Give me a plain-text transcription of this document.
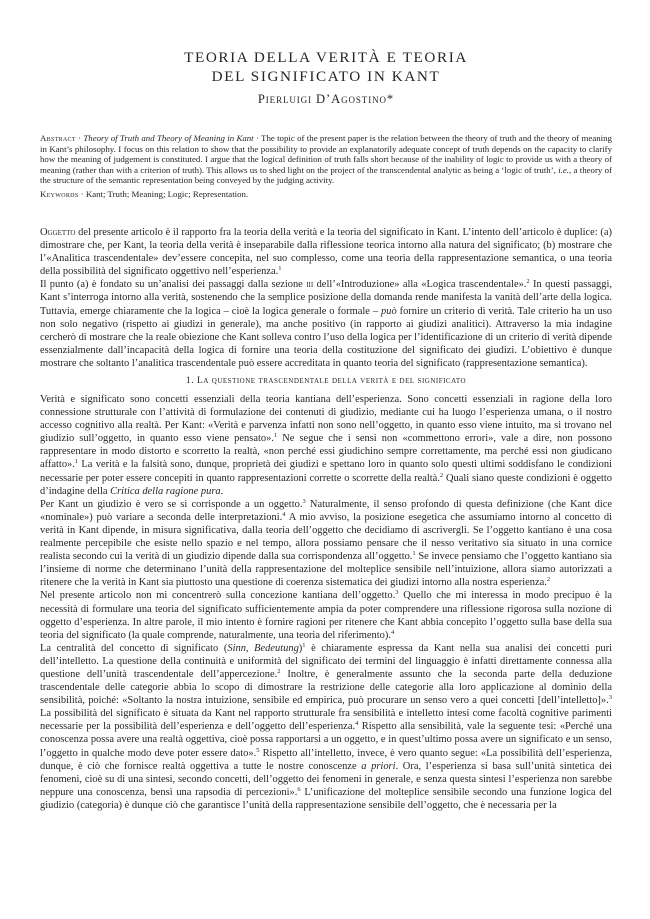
TEORIA DELLA VERITÀ E TEORIA
DEL SIGNIFICATO IN KANT
Pierluigi D’Agostino*
Abstract · Theory of Truth and Theory of Meaning in Kant · The topic of the present paper is the relation between the theory of truth and the theory of meaning in Kant’s philosophy. I focus on this relation to show that the possibility to provide an explanatorily adequate concept of truth depends on the capacity to clarify how the meaning of judgement is constituted. I argue that the logical definition of truth falls short because of the inability of logic to provide us with a theory of meaning (rather than with a criterion of truth). This allows us to shed light on the project of the transcendental analytic as being a ‘logic of truth’, i.e., a theory of the structure of the semantic representation being conveyed by the judging activity.
Keywords · Kant; Truth; Meaning; Logic; Representation.

Oggetto del presente articolo è il rapporto fra la teoria della verità e la teoria del significato in Kant. L’intento dell’articolo è duplice: (a) dimostrare che, per Kant, la teoria della verità è inseparabile dalla riflessione teorica intorno alla natura del significato; (b) mostrare che l’«Analitica trascendentale» dev’essere concepita, nel suo complesso, come una teoria della rappresentazione semantica, o una teoria della possibilità del significato oggettivo nell’esperienza.$^1$

Il punto (a) è fondato su un’analisi dei passaggi dalla sezione iii dell’«Introduzione» alla «Logica trascendentale».$^2$ In questi passaggi, Kant s’interroga intorno alla verità, sostenendo che la semplice posizione della domanda rende manifesta la vanità dell’arte della logica. Tuttavia, emerge chiaramente che la logica – cioè la logica generale o formale – può fornire un criterio di verità. Tale criterio ha un uso non solo negativo (rispetto ai giudizi in generale), ma anche positivo (in rapporto ai giudizi analitici). Attraverso la mia indagine cercherò di mostrare che la reale obiezione che Kant solleva contro l’uso della logica per l’identificazione di un criterio di verità dipende essenzialmente dall’incapacità della logica di fornire una teoria della costituzione del significato dei giudizi. L’obiettivo è dunque mostrare che soltanto l’analitica trascendentale può essere accreditata in quanto teoria del significato (rappresentazione semantica).

1. La questione trascendentale della verità e del significato

Verità e significato sono concetti essenziali della teoria kantiana dell’esperienza. Sono concetti essenziali in ragione della loro connessione strutturale con l’attività di formulazione dei contenuti di giudizio, mediante cui ha luogo l’esperienza umana, o il nostro accesso cognitivo alla realtà. Per Kant: «Verità e parvenza infatti non sono nell’oggetto, in quanto esso viene intuito, ma si trovano nel giudizio sull’oggetto, in quanto esso viene pensato».$^1$ Ne segue che i sensi non «commettono errori», vale a dire, non possono rappresentare in modo distorto e scorretto la realtà, «non perché essi giudichino sempre correttamente, ma perché essi non giudicano affatto».$^1$ La verità e la falsità sono, dunque, proprietà dei giudizi e spettano loro in quanto solo questi ultimi soddisfano le condizioni necessarie per poter essere concepiti in quanto rappresentazioni corrette o scorrette della realtà.$^2$ Quali siano queste condizioni è oggetto d’indagine della Critica della ragione pura.

Per Kant un giudizio è vero se si corrisponde a un oggetto.$^3$ Naturalmente, il senso profondo di questa definizione (che Kant dice «nominale») può variare a seconda delle interpretazioni.$^4$ A mio avviso, la posizione esegetica che assumiamo intorno al concetto di verità in Kant dipende, in misura significativa, dalla teoria dell’oggetto che decidiamo di ascrivergli. Se l’oggetto kantiano è una cosa realmente percepibile che esiste nello spazio e nel tempo, allora possiamo pensare che il nesso veritativo sia situato in una cornice realista secondo cui la verità di un giudizio dipende dalla sua corrispondenza all’oggetto.$^1$ Se invece pensiamo che l’oggetto kantiano sia l’insieme di norme che determinano l’unità della rappresentazione del molteplice sensibile nell’intuizione, allora siamo autorizzati a ritenere che la verità in Kant sia piuttosto una questione di coerenza sistematica dei giudizi intorno alla nostra esperienza.$^2$

Nel presente articolo non mi concentrerò sulla concezione kantiana dell’oggetto.$^3$ Quello che mi interessa in modo precipuo è la necessità di formulare una teoria del significato sufficientemente ampia da poter comprendere una riflessione rigorosa sulla nozione di oggetto d’esperienza. In altre parole, il mio intento è fornire ragioni per ritenere che Kant abbia concepito l’oggetto sulla base della sua teoria del significato (la quale comprende, naturalmente, una teoria del riferimento).$^4$

La centralità del concetto di significato (Sinn, Bedeutung)$^1$ è chiaramente espressa da Kant nella sua analisi dei concetti puri dell’intelletto. La questione della continuità e uniformità del significato dei termini del linguaggio è infatti direttamente connessa alla questione dell’unità trascendentale dell’appercezione.$^2$ Inoltre, è generalmente assunto che la seconda parte della deduzione trascendentale delle categorie abbia lo scopo di dimostrare la restrizione delle categorie alla loro applicazione al dominio della sensibilità, poiché: «Soltanto la nostra intuizione, sensibile ed empirica, può procurare un senso vero a quei concetti [dell’intelletto]».$^3$ La possibilità del significato è situata da Kant nel rapporto strutturale fra sensibilità e intelletto intesi come facoltà cognitive parimenti necessarie per la possibilità dell’esperienza e dell’oggetto dell’esperienza.$^4$ Rispetto alla sensibilità, vale la seguente tesi: «Perché una conoscenza possa avere una realtà oggettiva, cioè possa rapportarsi a un oggetto, e in quest’ultimo possa avere un significato e un senso, l’oggetto in qualche modo deve poter essere dato».$^5$ Rispetto all’intelletto, invece, è vero quanto segue: «La possibilità dell’esperienza, dunque, è ciò che fornisce realtà oggettiva a tutte le nostre conoscenze a priori. Ora, l’esperienza si basa sull’unità sintetica dei fenomeni, cioè su di una sintesi, secondo concetti, dell’oggetto dei fenomeni in generale, e senza questa sintesi l’esperienza non sarebbe neppure una conoscenza, bensì una rapsodia di percezioni».$^6$ L’unificazione del molteplice sensibile secondo una funzione logica del giudizio (categoria) è dunque ciò che garantisce l’unità della rappresentazione sensibile dell’oggetto, che è necessaria per la
